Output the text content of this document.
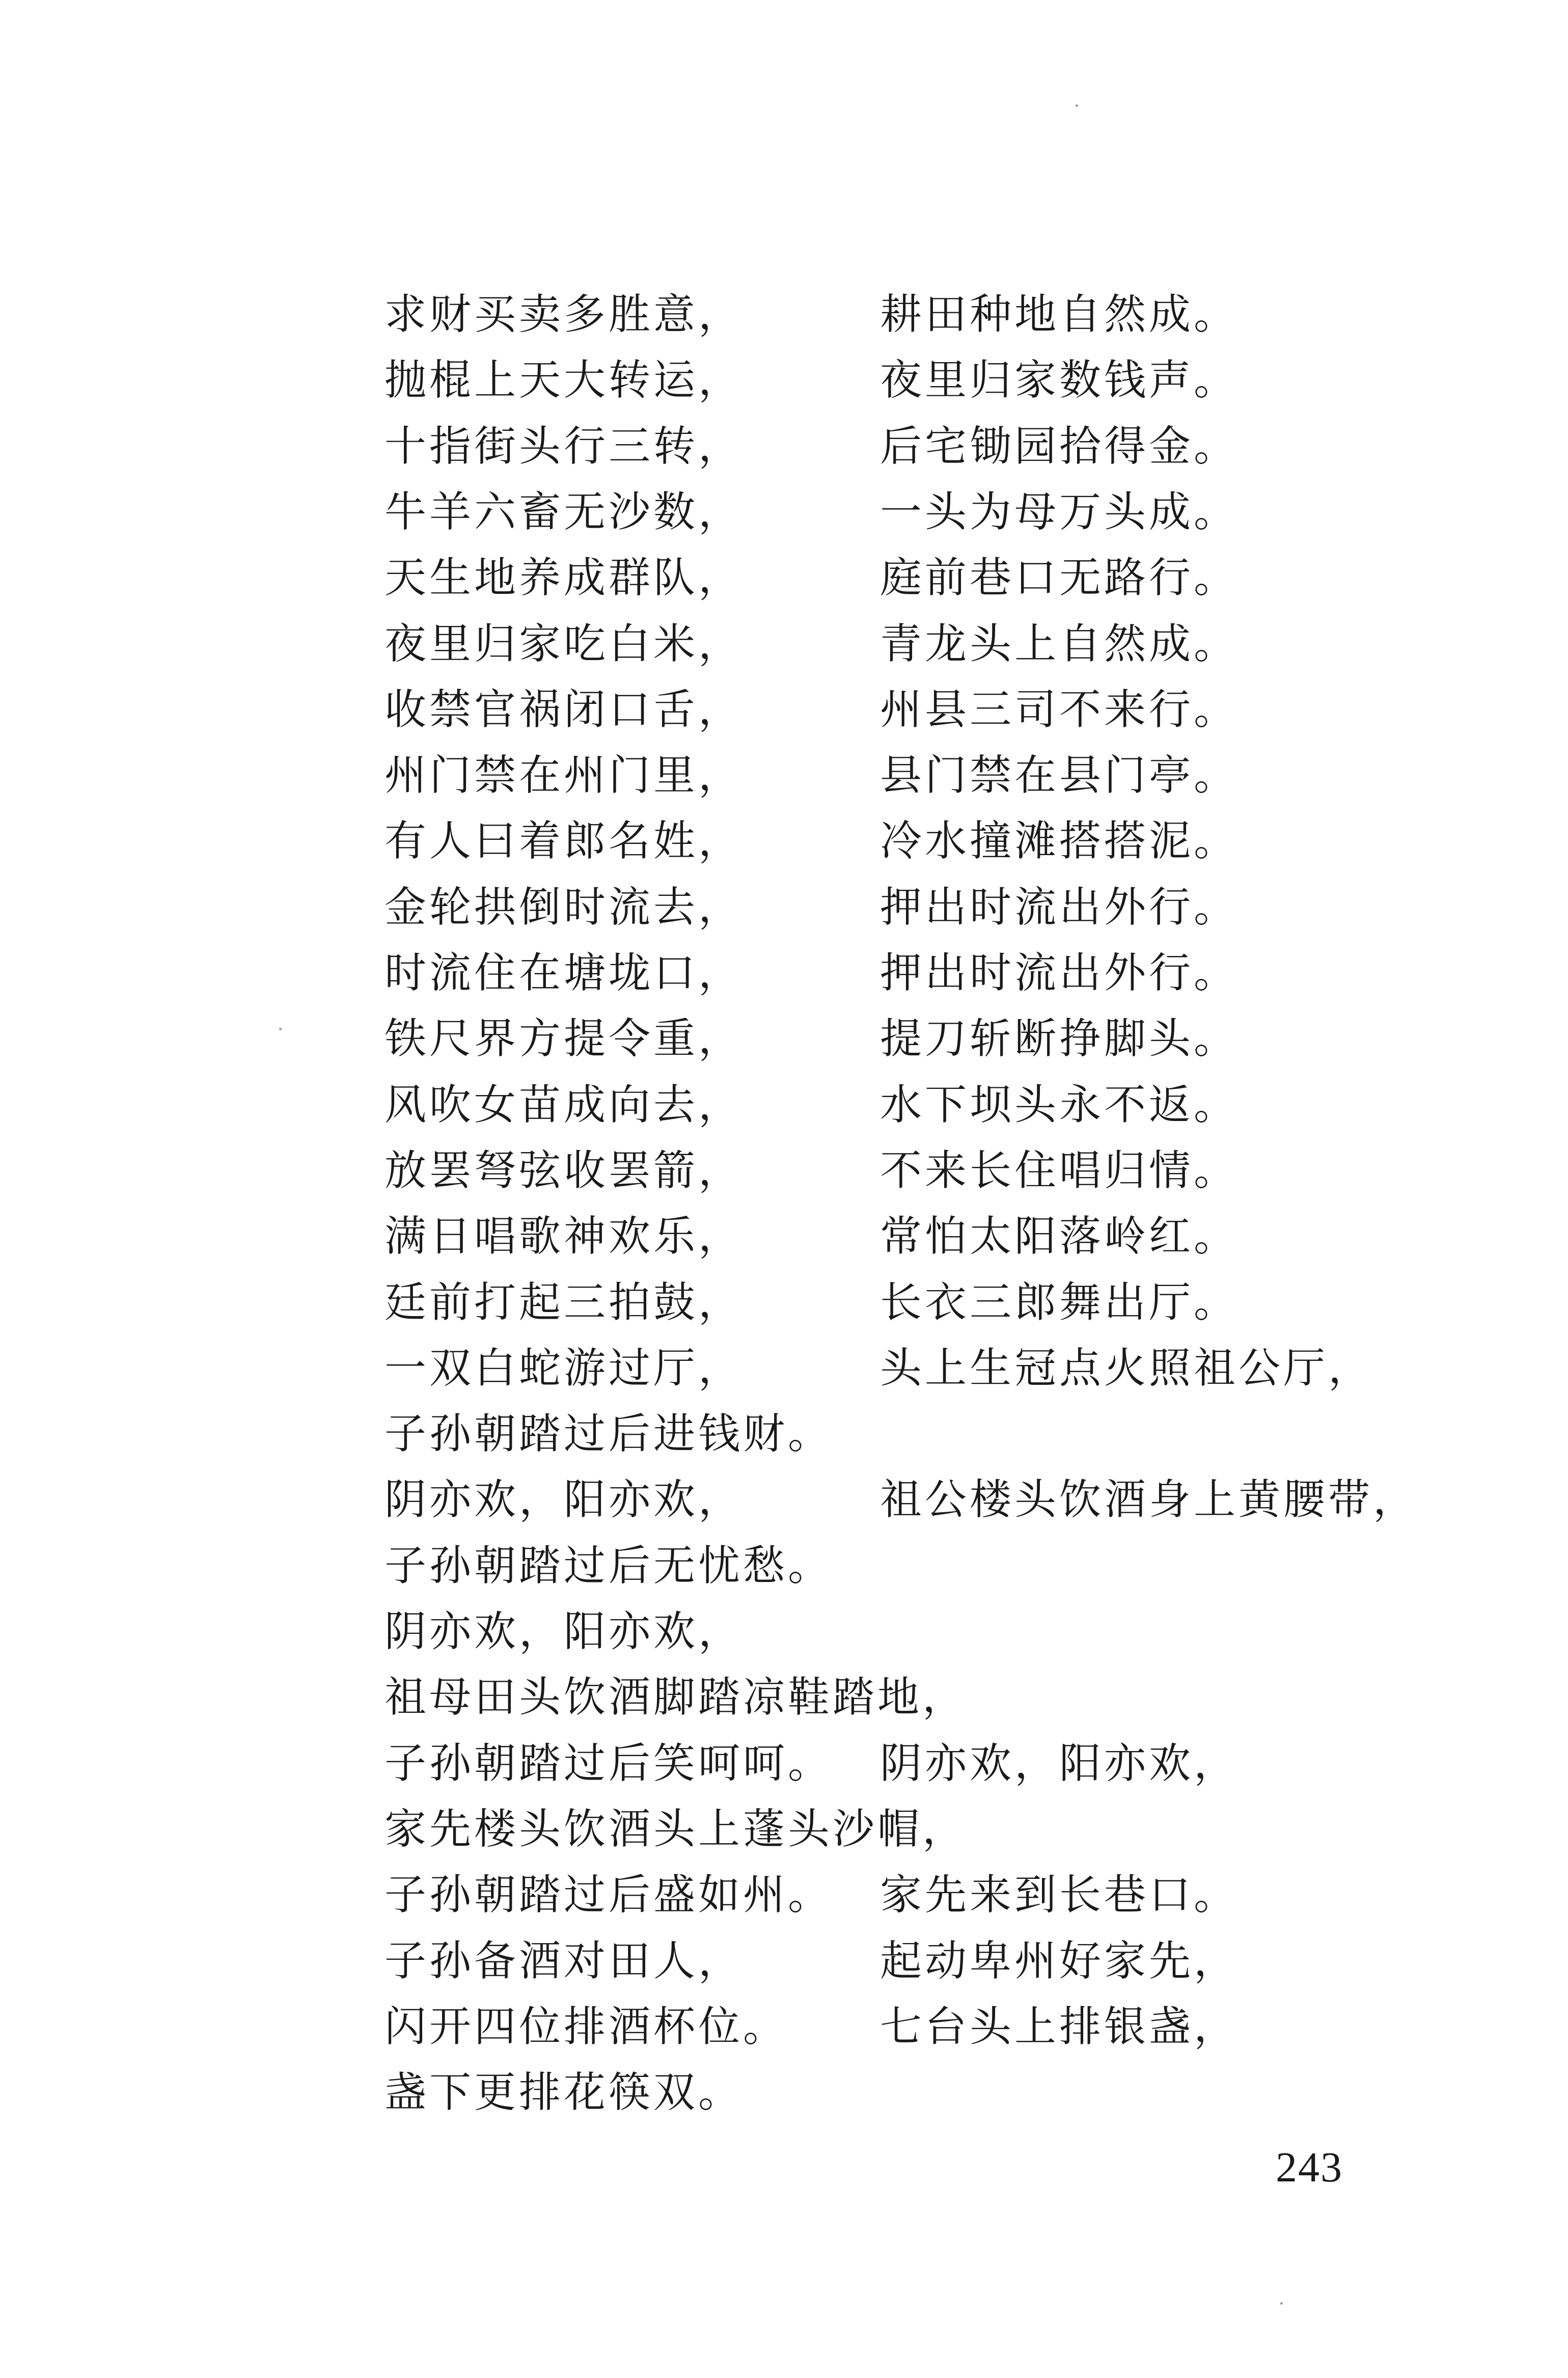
求财买卖多胜意，	耕田种地自然成。
抛棍上天大转运，	夜里归家数钱声。
十指街头行三转，	后宅锄园拾得金。
牛羊六畜无沙数，	一头为母万头成。
天生地养成群队，	庭前巷口无路行。
夜里归家吃白米，	青龙头上自然成。
收禁官祸闭口舌，	州县三司不来行。
州门禁在州门里，	县门禁在县门亭。
有人曰着郎名姓，	冷水撞滩搭搭泥。
金轮拱倒时流去，	押出时流出外行。
时流住在塘垅口，	押出时流出外行。
铁尺界方提令重，	提刀斩断挣脚头。
风吹女苗成向去，	水下坝头永不返。
放罢弩弦收罢箭，	不来长住唱归情。
满日唱歌神欢乐，	常怕太阳落岭红。
廷前打起三拍鼓，	长衣三郎舞出厅。
一双白蛇游过厅，	头上生冠点火照祖公厅，
子孙朝踏过后进钱财。
阴亦欢，阳亦欢，	祖公楼头饮酒身上黄腰带，
子孙朝踏过后无忧愁。
阴亦欢，阳亦欢，
祖母田头饮酒脚踏凉鞋踏地，
子孙朝踏过后笑呵呵。 阴亦欢，阳亦欢，
家先楼头饮酒头上蓬头沙帽，
子孙朝踏过后盛如州。 家先来到长巷口。
子孙备酒对田人，	起动卑州好家先，
闪开四位排酒杯位。 七台头上排银盏，
盏下更排花筷双。
243
